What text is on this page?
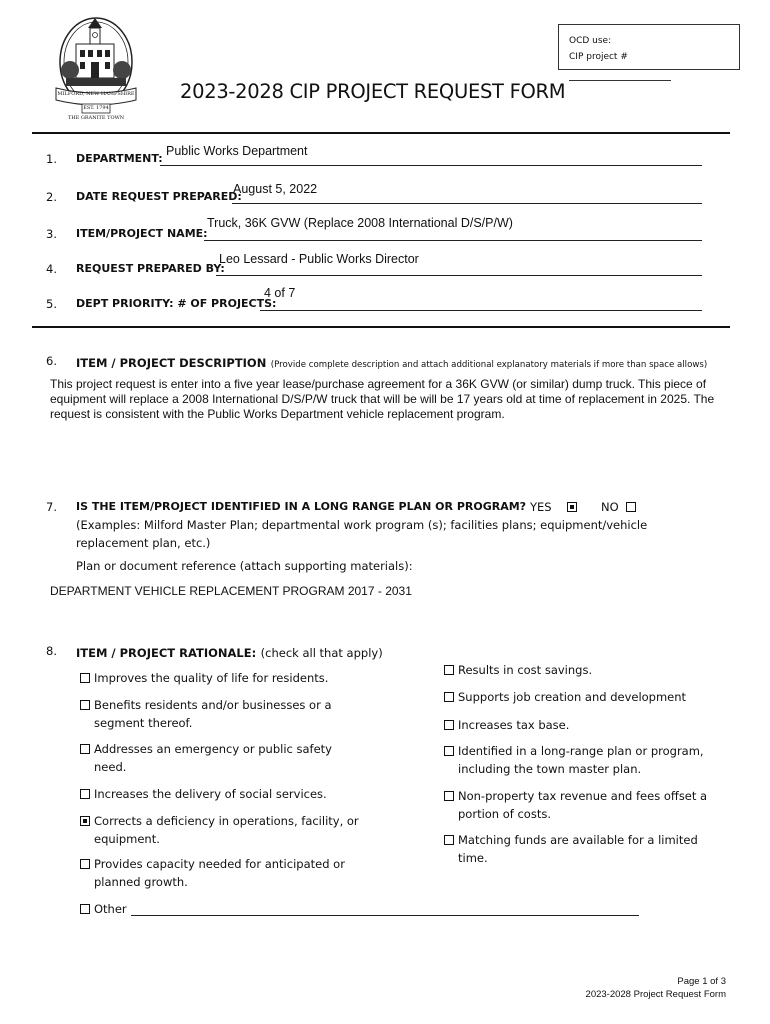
MILFORD, NEW HAMPSHIRE
EST. 1794
THE GRANITE TOWN
OCD use:
CIP project #
2023-2028 CIP PROJECT REQUEST FORM
1. DEPARTMENT:
Public Works Department
2. DATE REQUEST PREPARED:
August 5, 2022
3. ITEM/PROJECT NAME:
Truck, 36K GVW (Replace 2008 International D/S/P/W)
4. REQUEST PREPARED BY:
Leo Lessard - Public Works Director
5. DEPT PRIORITY: # OF PROJECTS:
4 of 7
6. ITEM / PROJECT DESCRIPTION (Provide complete description and attach additional explanatory materials if more than space allows)
This project request is enter into a five year lease/purchase agreement for a 36K GVW (or similar) dump truck. This piece of equipment will replace a 2008 International D/S/P/W truck that will be will be 17 years old at time of replacement in 2025. The request is consistent with the Public Works Department vehicle replacement program.
7. IS THE ITEM/PROJECT IDENTIFIED IN A LONG RANGE PLAN OR PROGRAM? YES	NO
(Examples: Milford Master Plan; departmental work program (s); facilities plans; equipment/vehicle replacement plan, etc.)
Plan or document reference (attach supporting materials):
DEPARTMENT VEHICLE REPLACEMENT PROGRAM 2017 - 2031
8. ITEM / PROJECT RATIONALE: (check all that apply)
Improves the quality of life for residents.
Benefits residents and/or businesses or a
segment thereof.
Addresses an emergency or public safety
need.
Increases the delivery of social services.
Corrects a deficiency in operations, facility, or
equipment.
Provides capacity needed for anticipated or
planned growth.
Results in cost savings.
Supports job creation and development
Increases tax base.
Identified in a long-range plan or program,
including the town master plan.
Non-property tax revenue and fees offset a
portion of costs.
Matching funds are available for a limited
time.
Other
Page 1 of 3
2023-2028 Project Request Form
